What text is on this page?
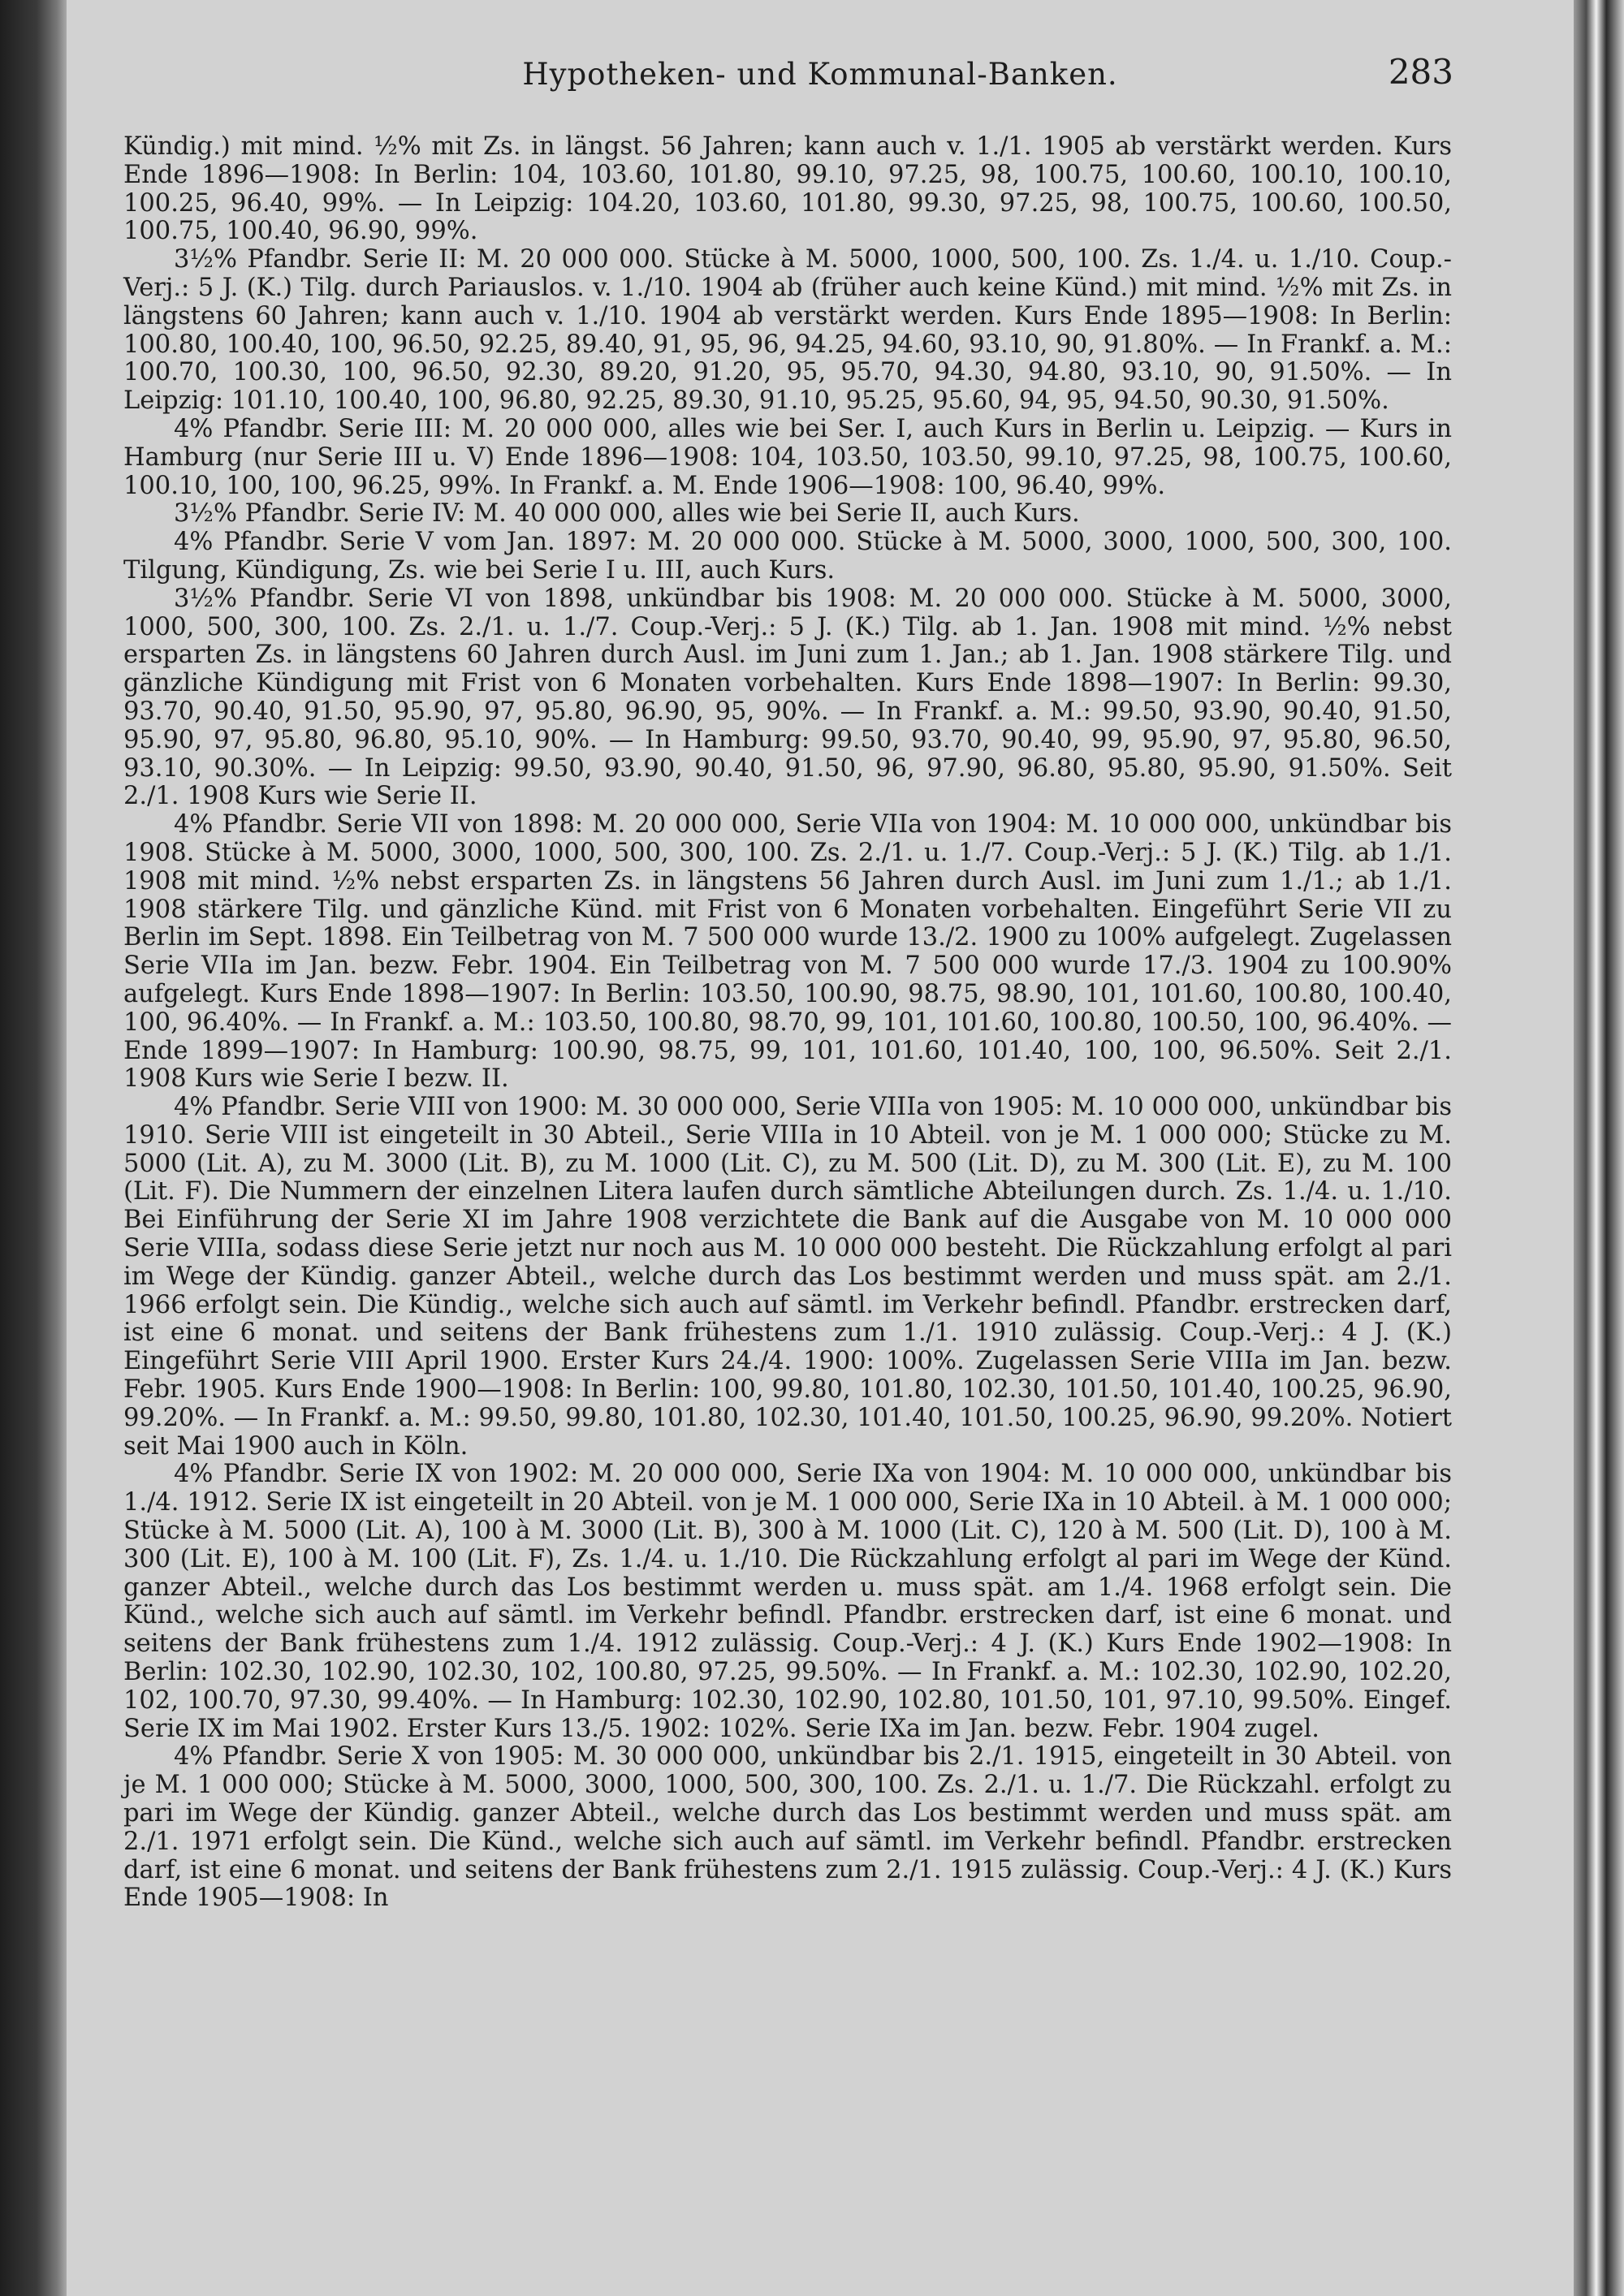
Hypotheken- und Kommunal-Banken.	283

Kündig.) mit mind. ½% mit Zs. in längst. 56 Jahren; kann auch v. 1./1. 1905 ab verstärkt werden. Kurs Ende 1896—1908: In Berlin: 104, 103.60, 101.80, 99.10, 97.25, 98, 100.75, 100.60, 100.10, 100.10, 100.25, 96.40, 99%. — In Leipzig: 104.20, 103.60, 101.80, 99.30, 97.25, 98, 100.75, 100.60, 100.50, 100.75, 100.40, 96.90, 99%.

3½% Pfandbr. Serie II: M. 20 000 000. Stücke à M. 5000, 1000, 500, 100. Zs. 1./4. u. 1./10. Coup.-Verj.: 5 J. (K.) Tilg. durch Pariauslos. v. 1./10. 1904 ab (früher auch keine Künd.) mit mind. ½% mit Zs. in längstens 60 Jahren; kann auch v. 1./10. 1904 ab verstärkt werden. Kurs Ende 1895—1908: In Berlin: 100.80, 100.40, 100, 96.50, 92.25, 89.40, 91, 95, 96, 94.25, 94.60, 93.10, 90, 91.80%. — In Frankf. a. M.: 100.70, 100.30, 100, 96.50, 92.30, 89.20, 91.20, 95, 95.70, 94.30, 94.80, 93.10, 90, 91.50%. — In Leipzig: 101.10, 100.40, 100, 96.80, 92.25, 89.30, 91.10, 95.25, 95.60, 94, 95, 94.50, 90.30, 91.50%.

4% Pfandbr. Serie III: M. 20 000 000, alles wie bei Ser. I, auch Kurs in Berlin u. Leipzig. — Kurs in Hamburg (nur Serie III u. V) Ende 1896—1908: 104, 103.50, 103.50, 99.10, 97.25, 98, 100.75, 100.60, 100.10, 100, 100, 96.25, 99%. In Frankf. a. M. Ende 1906—1908: 100, 96.40, 99%.

3½% Pfandbr. Serie IV: M. 40 000 000, alles wie bei Serie II, auch Kurs.

4% Pfandbr. Serie V vom Jan. 1897: M. 20 000 000. Stücke à M. 5000, 3000, 1000, 500, 300, 100. Tilgung, Kündigung, Zs. wie bei Serie I u. III, auch Kurs.

3½% Pfandbr. Serie VI von 1898, unkündbar bis 1908: M. 20 000 000. Stücke à M. 5000, 3000, 1000, 500, 300, 100. Zs. 2./1. u. 1./7. Coup.-Verj.: 5 J. (K.) Tilg. ab 1. Jan. 1908 mit mind. ½% nebst ersparten Zs. in längstens 60 Jahren durch Ausl. im Juni zum 1. Jan.; ab 1. Jan. 1908 stärkere Tilg. und gänzliche Kündigung mit Frist von 6 Monaten vorbehalten. Kurs Ende 1898—1907: In Berlin: 99.30, 93.70, 90.40, 91.50, 95.90, 97, 95.80, 96.90, 95, 90%. — In Frankf. a. M.: 99.50, 93.90, 90.40, 91.50, 95.90, 97, 95.80, 96.80, 95.10, 90%. — In Hamburg: 99.50, 93.70, 90.40, 99, 95.90, 97, 95.80, 96.50, 93.10, 90.30%. — In Leipzig: 99.50, 93.90, 90.40, 91.50, 96, 97.90, 96.80, 95.80, 95.90, 91.50%. Seit 2./1. 1908 Kurs wie Serie II.

4% Pfandbr. Serie VII von 1898: M. 20 000 000, Serie VIIa von 1904: M. 10 000 000, unkündbar bis 1908. Stücke à M. 5000, 3000, 1000, 500, 300, 100. Zs. 2./1. u. 1./7. Coup.-Verj.: 5 J. (K.) Tilg. ab 1./1. 1908 mit mind. ½% nebst ersparten Zs. in längstens 56 Jahren durch Ausl. im Juni zum 1./1.; ab 1./1. 1908 stärkere Tilg. und gänzliche Künd. mit Frist von 6 Monaten vorbehalten. Eingeführt Serie VII zu Berlin im Sept. 1898. Ein Teilbetrag von M. 7 500 000 wurde 13./2. 1900 zu 100% aufgelegt. Zugelassen Serie VIIa im Jan. bezw. Febr. 1904. Ein Teilbetrag von M. 7 500 000 wurde 17./3. 1904 zu 100.90% aufgelegt. Kurs Ende 1898—1907: In Berlin: 103.50, 100.90, 98.75, 98.90, 101, 101.60, 100.80, 100.40, 100, 96.40%. — In Frankf. a. M.: 103.50, 100.80, 98.70, 99, 101, 101.60, 100.80, 100.50, 100, 96.40%. — Ende 1899—1907: In Hamburg: 100.90, 98.75, 99, 101, 101.60, 101.40, 100, 100, 96.50%. Seit 2./1. 1908 Kurs wie Serie I bezw. II.

4% Pfandbr. Serie VIII von 1900: M. 30 000 000, Serie VIIIa von 1905: M. 10 000 000, unkündbar bis 1910. Serie VIII ist eingeteilt in 30 Abteil., Serie VIIIa in 10 Abteil. von je M. 1 000 000; Stücke zu M. 5000 (Lit. A), zu M. 3000 (Lit. B), zu M. 1000 (Lit. C), zu M. 500 (Lit. D), zu M. 300 (Lit. E), zu M. 100 (Lit. F). Die Nummern der einzelnen Litera laufen durch sämtliche Abteilungen durch. Zs. 1./4. u. 1./10. Bei Einführung der Serie XI im Jahre 1908 verzichtete die Bank auf die Ausgabe von M. 10 000 000 Serie VIIIa, sodass diese Serie jetzt nur noch aus M. 10 000 000 besteht. Die Rückzahlung erfolgt al pari im Wege der Kündig. ganzer Abteil., welche durch das Los bestimmt werden und muss spät. am 2./1. 1966 erfolgt sein. Die Kündig., welche sich auch auf sämtl. im Verkehr befindl. Pfandbr. erstrecken darf, ist eine 6 monat. und seitens der Bank frühestens zum 1./1. 1910 zulässig. Coup.-Verj.: 4 J. (K.) Eingeführt Serie VIII April 1900. Erster Kurs 24./4. 1900: 100%. Zugelassen Serie VIIIa im Jan. bezw. Febr. 1905. Kurs Ende 1900—1908: In Berlin: 100, 99.80, 101.80, 102.30, 101.50, 101.40, 100.25, 96.90, 99.20%. — In Frankf. a. M.: 99.50, 99.80, 101.80, 102.30, 101.40, 101.50, 100.25, 96.90, 99.20%. Notiert seit Mai 1900 auch in Köln.

4% Pfandbr. Serie IX von 1902: M. 20 000 000, Serie IXa von 1904: M. 10 000 000, unkündbar bis 1./4. 1912. Serie IX ist eingeteilt in 20 Abteil. von je M. 1 000 000, Serie IXa in 10 Abteil. à M. 1 000 000; Stücke à M. 5000 (Lit. A), 100 à M. 3000 (Lit. B), 300 à M. 1000 (Lit. C), 120 à M. 500 (Lit. D), 100 à M. 300 (Lit. E), 100 à M. 100 (Lit. F), Zs. 1./4. u. 1./10. Die Rückzahlung erfolgt al pari im Wege der Künd. ganzer Abteil., welche durch das Los bestimmt werden u. muss spät. am 1./4. 1968 erfolgt sein. Die Künd., welche sich auch auf sämtl. im Verkehr befindl. Pfandbr. erstrecken darf, ist eine 6 monat. und seitens der Bank frühestens zum 1./4. 1912 zulässig. Coup.-Verj.: 4 J. (K.) Kurs Ende 1902—1908: In Berlin: 102.30, 102.90, 102.30, 102, 100.80, 97.25, 99.50%. — In Frankf. a. M.: 102.30, 102.90, 102.20, 102, 100.70, 97.30, 99.40%. — In Hamburg: 102.30, 102.90, 102.80, 101.50, 101, 97.10, 99.50%. Eingef. Serie IX im Mai 1902. Erster Kurs 13./5. 1902: 102%. Serie IXa im Jan. bezw. Febr. 1904 zugel.

4% Pfandbr. Serie X von 1905: M. 30 000 000, unkündbar bis 2./1. 1915, eingeteilt in 30 Abteil. von je M. 1 000 000; Stücke à M. 5000, 3000, 1000, 500, 300, 100. Zs. 2./1. u. 1./7. Die Rückzahl. erfolgt zu pari im Wege der Kündig. ganzer Abteil., welche durch das Los bestimmt werden und muss spät. am 2./1. 1971 erfolgt sein. Die Künd., welche sich auch auf sämtl. im Verkehr befindl. Pfandbr. erstrecken darf, ist eine 6 monat. und seitens der Bank frühestens zum 2./1. 1915 zulässig. Coup.-Verj.: 4 J. (K.) Kurs Ende 1905—1908: In
